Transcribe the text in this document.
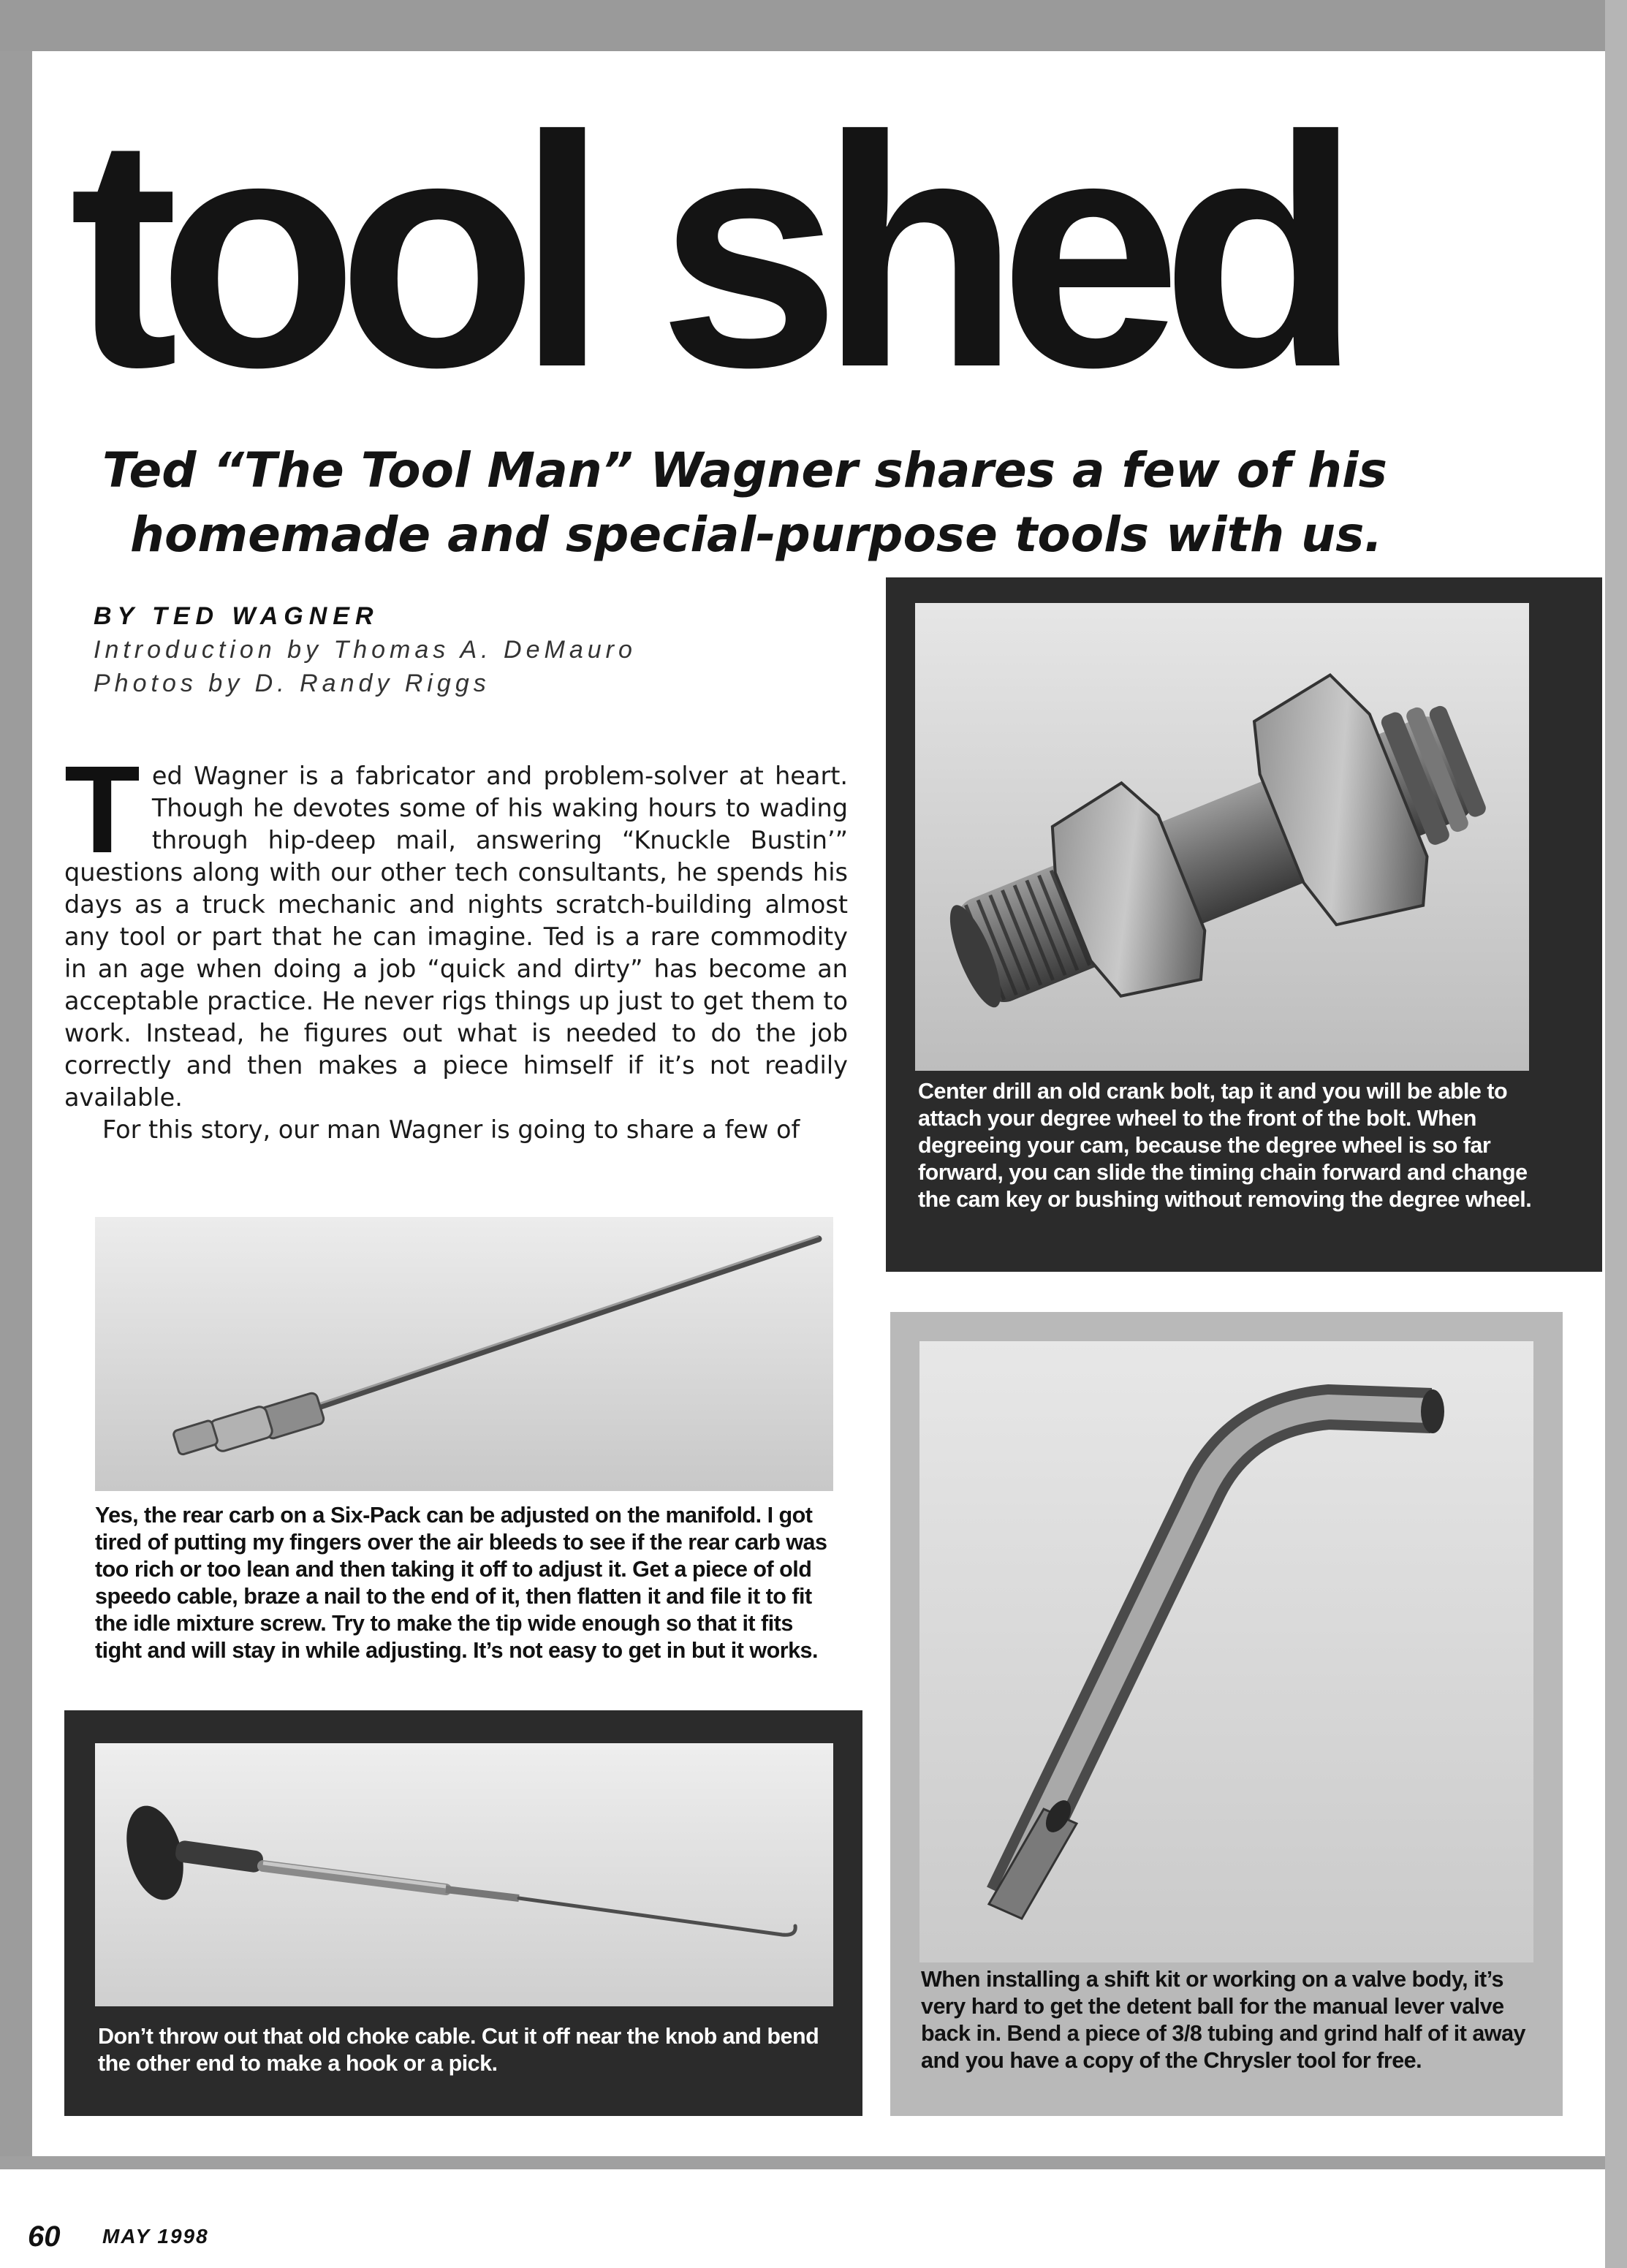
tool shed
Ted “The Tool Man” Wagner shares a few of his
homemade and special-purpose tools with us.
BY TED WAGNER
Introduction by Thomas A. DeMauro
Photos by D. Randy Riggs

Ted Wagner is a fabricator and problem-solver at heart. Though he devotes some of his waking hours to wading through hip-deep mail, answering “Knuckle Bustin’” questions along with our other tech consultants, he spends his days as a truck mechanic and nights scratch-building almost any tool or part that he can imagine. Ted is a rare commodity in an age when doing a job “quick and dirty” has become an acceptable practice. He never rigs things up just to get them to work. Instead, he figures out what is needed to do the job correctly and then makes a piece himself if it’s not readily available.

For this story, our man Wagner is going to share a few of

Center drill an old crank bolt, tap it and you will be able to attach your degree wheel to the front of the bolt. When degreeing your cam, because the degree wheel is so far forward, you can slide the timing chain forward and change the cam key or bushing without removing the degree wheel.
Yes, the rear carb on a Six-Pack can be adjusted on the manifold. I got tired of putting my fingers over the air bleeds to see if the rear carb was too rich or too lean and then taking it off to adjust it. Get a piece of old speedo cable, braze a nail to the end of it, then flatten it and file it to fit the idle mixture screw. Try to make the tip wide enough so that it fits tight and will stay in while adjusting. It’s not easy to get in but it works.
Don’t throw out that old choke cable. Cut it off near the knob and bend the other end to make a hook or a pick.
When installing a shift kit or working on a valve body, it’s very hard to get the detent ball for the manual lever valve back in. Bend a piece of 3/8 tubing and grind half of it away and you have a copy of the Chrysler tool for free.
60 MAY 1998
